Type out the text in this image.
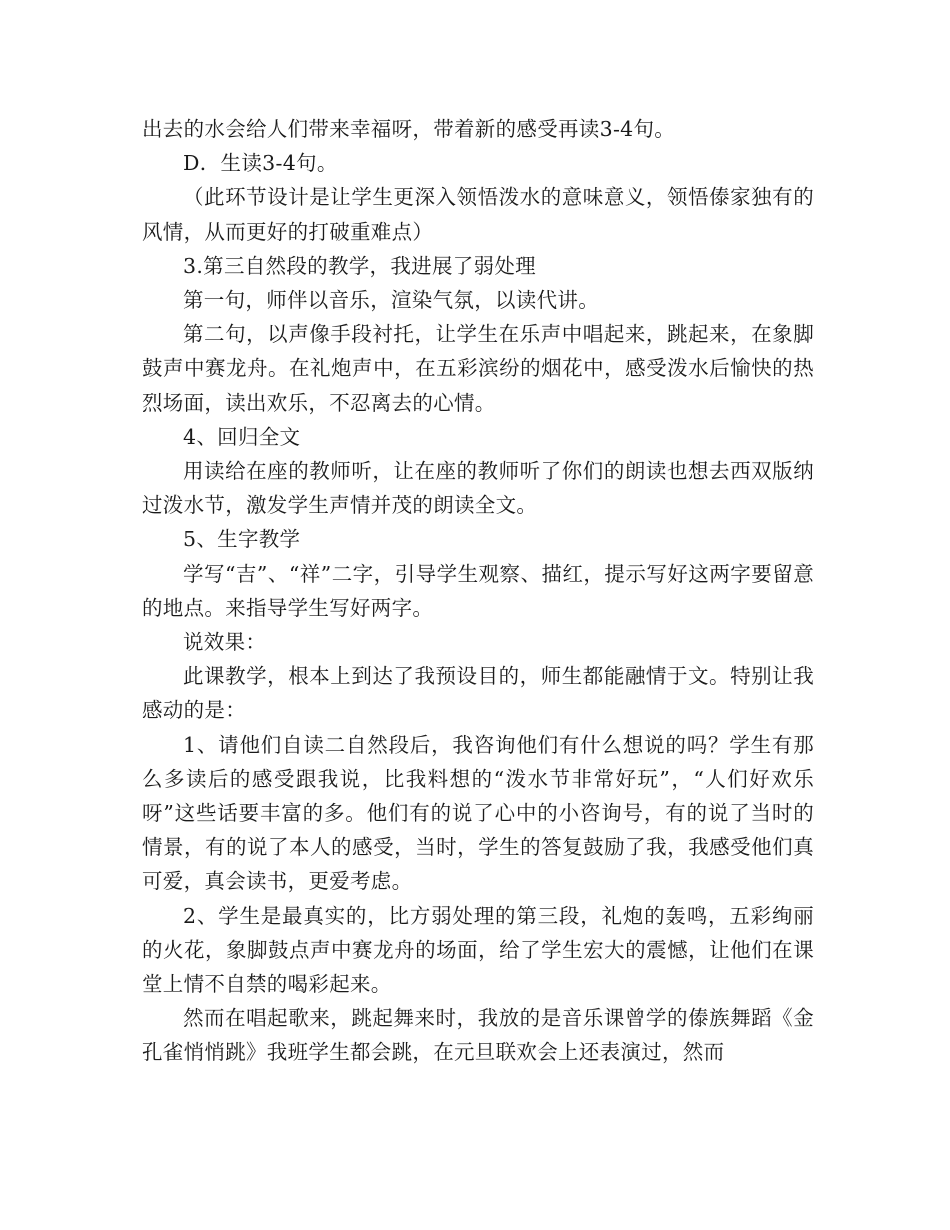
出去的水会给人们带来幸福呀，带着新的感受再读3-4句。

D．生读3-4句。

（此环节设计是让学生更深入领悟泼水的意味意义，领悟傣家独有的风情，从而更好的打破重难点）

3.第三自然段的教学，我进展了弱处理

第一句，师伴以音乐，渲染气氛，以读代讲。

第二句，以声像手段衬托，让学生在乐声中唱起来，跳起来，在象脚鼓声中赛龙舟。在礼炮声中，在五彩滨纷的烟花中，感受泼水后愉快的热烈场面，读出欢乐，不忍离去的心情。

4、回归全文

用读给在座的教师听，让在座的教师听了你们的朗读也想去西双版纳过泼水节，激发学生声情并茂的朗读全文。

5、生字教学

学写“吉”、“祥”二字，引导学生观察、描红，提示写好这两字要留意的地点。来指导学生写好两字。

说效果：

此课教学，根本上到达了我预设目的，师生都能融情于文。特别让我感动的是：

1、请他们自读二自然段后，我咨询他们有什么想说的吗？学生有那么多读后的感受跟我说，比我料想的“泼水节非常好玩”，“人们好欢乐呀”这些话要丰富的多。他们有的说了心中的小咨询号，有的说了当时的情景，有的说了本人的感受，当时，学生的答复鼓励了我，我感受他们真可爱，真会读书，更爱考虑。

2、学生是最真实的，比方弱处理的第三段，礼炮的轰鸣，五彩绚丽的火花，象脚鼓点声中赛龙舟的场面，给了学生宏大的震憾，让他们在课堂上情不自禁的喝彩起来。

然而在唱起歌来，跳起舞来时，我放的是音乐课曾学的傣族舞蹈《金孔雀悄悄跳》我班学生都会跳，在元旦联欢会上还表演过，然而
